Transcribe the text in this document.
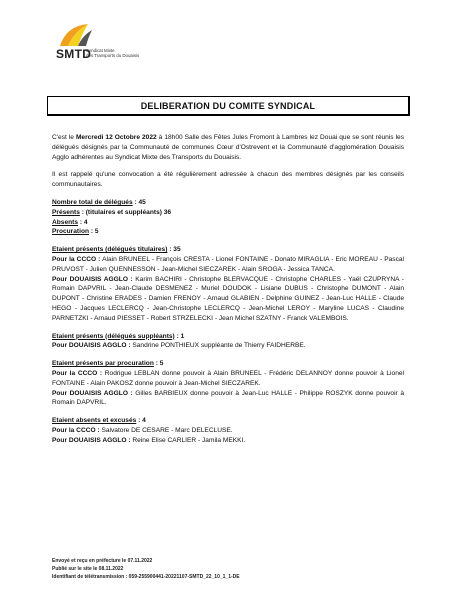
SMTD
Syndicat Mixte
des Transports du Douaisis
DELIBERATION DU COMITE SYNDICAL

C'est le Mercredi 12 Octobre 2022 à 18h00 Salle des Fêtes Jules Fromont à Lambres lez Douai que se sont réunis les délégués désignés par la Communauté de communes Cœur d'Ostrevent et la Communauté d'agglomération Douaisis Agglo adhérentes au Syndicat Mixte des Transports du Douaisis.

Il est rappelé qu'une convocation a été régulièrement adressée à chacun des membres désignés par les conseils communautaires.

Nombre total de délégués : 45
Présents : (titulaires et suppléants) 36
Absents : 4
Procuration : 5
Etaient présents (délégués titulaires) : 35
Pour la CCCO : Alain BRUNEEL - François CRESTA - Lionel FONTAINE - Donato MIRAGLIA - Eric MOREAU - Pascal PRUVOST - Julien QUENNESSON - Jean-Michel SIECZAREK - Alain SROGA - Jessica TANCA.
Pour DOUAISIS AGGLO : Karim BACHIRI - Christophe BLERVACQUE - Christophe CHARLES - Yaël CZUPRYNA - Romain DAPVRIL - Jean-Claude DESMENEZ - Muriel DOUDOK - Lisiane DUBUS - Christophe DUMONT - Alain DUPONT - Christine ERADES - Damien FRENOY - Arnaud GLABIEN - Delphine GUINEZ - Jean-Luc HALLE - Claude HEGO - Jacques LECLERCQ - Jean-Christophe LECLERCQ - Jean-Michel LEROY - Maryline LUCAS - Claudine PARNETZKI - Arnaud PIESSET - Robert STRZELECKI - Jean Michel SZATNY - Franck VALEMBOIS.
Etaient présents (délégués suppléants) : 1
Pour DOUAISIS AGGLO : Sandrine PONTHIEUX suppléante de Thierry FAIDHERBE.
Etaient présents par procuration : 5
Pour la CCCO : Rodrigue LEBLAN donne pouvoir à Alain BRUNEEL - Frédéric DELANNOY donne pouvoir à Lionel FONTAINE - Alain PAKOSZ donne pouvoir à Jean-Michel SIECZAREK.
Pour DOUAISIS AGGLO : Gilles BARBIEUX donne pouvoir à Jean-Luc HALLE - Philippe ROSZYK donne pouvoir à Romain DAPVRIL.
Etaient absents et excusés : 4
Pour la CCCO : Salvatore DE CESARE - Marc DELECLUSE.
Pour DOUAISIS AGGLO : Reine Elise CARLIER - Jamila MEKKI.
Envoyé et reçu en préfecture le 07.11.2022
Publié sur le site le 08.11.2022
Identifiant de télétransmission : 059-255900441-20221107-SMTD_22_10_1_1-DE
